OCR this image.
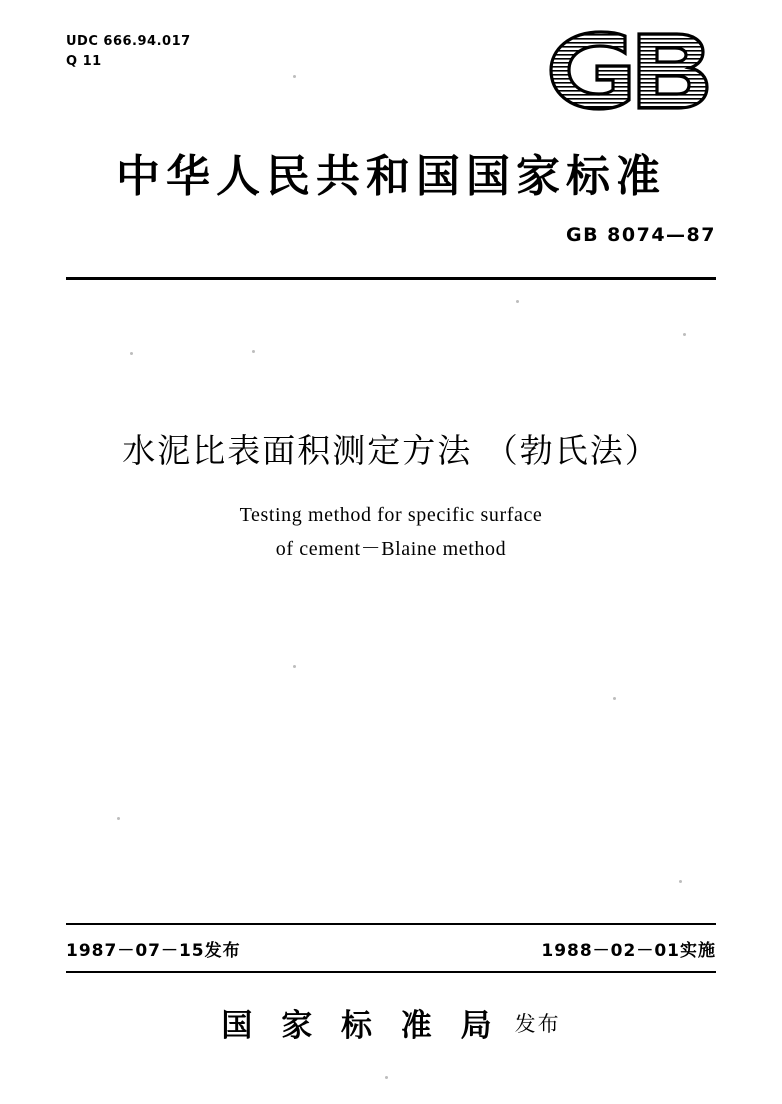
UDC 666.94.017
Q 11
中华人民共和国国家标准
GB 8074—87
水泥比表面积测定方法 （勃氏法）
Testing method for specific surface
of cement－Blaine method
1987－07－15发布	1988－02－01实施
国 家 标 准 局 发布
